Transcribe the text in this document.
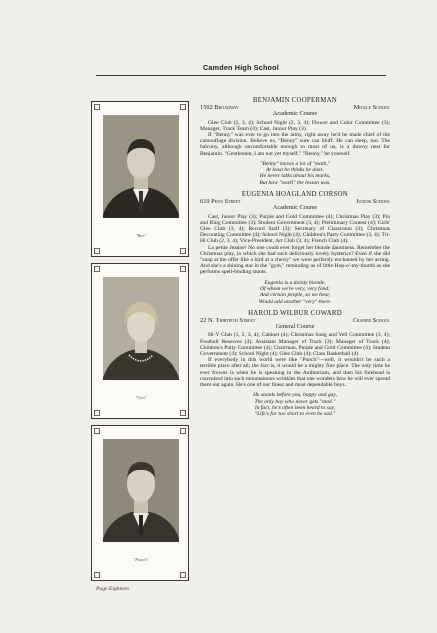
Camden High School
"Ben"
"Gen"
"Punch"
BENJAMIN COOPERMAN
1502 Broadway	Mickle School
Academic Course

Glee Club (2, 3, 4); School Night (2, 3, 4); Flower and Color Committee (3); Manager, Track Team (4); Cast, Junior Play (3).

If "Benny" was ever to go into the army, right away he'd be made chief of the camouflage division. Believe us, "Benny" sure can bluff. He can sleep, too. The balcony, although uncomfortable enough to most of us, is a downy nest for Benjamin. "Gentlemen, I am not yet myself." "Benny," be yourself.

"Benny" knows a lot of "math,"
At least he thinks he does.
He never talks about his marks,
But how "swell" the lesson was.
EUGENIA HOAGLAND CORSON
619 Penn Street	Junior School
Academic Course

Cast, Junior Play (3); Purple and Gold Committee (4); Christmas Play (3); Pin and Ring Committee (3); Student Government (3, 4); Preliminary Contest (4); Girls' Glee Club (3, 4); Record Staff (3); Secretary of Classroom (3); Christmas Decorating Committee (4); School Night (4); Children's Party Committee (3, 4); Tri-Hi Club (2, 3, 4); Vice-President, Art Club (3, 4); French Club (4).

La petite Jeanne! No one could ever forget her blonde daintiness. Remember the Christmas play, in which she had such deliciously lovely hysterics? Even if she did "snap at the offer like a bird at a cherry" we were perfectly enchanted by her acting. And she's a shining star in the "gym," reminding us of little Hop-o'-my-thumb as she performs spell-binding stunts.

Eugenia is a dainty blonde,
Of whom we're very, very fond;
And certain people, so we hear,
Would add another "very" there.
HAROLD WILBUR COWARD
22 N. Thirtieth Street	Cramer School
General Course

Hi-Y Club (1, 2, 3, 4); Cabinet (4); Christmas Song and Yell Committee (3, 4); Football Reserves (4); Assistant Manager of Track (3); Manager of Track (4); Children's Party Committee (4); Chairman, Purple and Gold Committee (4); Student Government (4); School Night (4); Glee Club (4); Class Basketball (4).

If everybody in this world were like "Punch"—well, it wouldn't be such a terrible place after all; the fact is, it would be a mighty fine place. The only time he ever frowns is when he is speaking in the Auditorium, and then his forehead is convulsed into such mountainous wrinkles that one wonders how he will ever spread them out again. He's one of our finest and most dependable boys.

He stands before you, happy and gay,
The only boy who never gets "mad."
In fact, he's often been heard to say,
"Life's far too short to even be sad."
Page Eighteen
